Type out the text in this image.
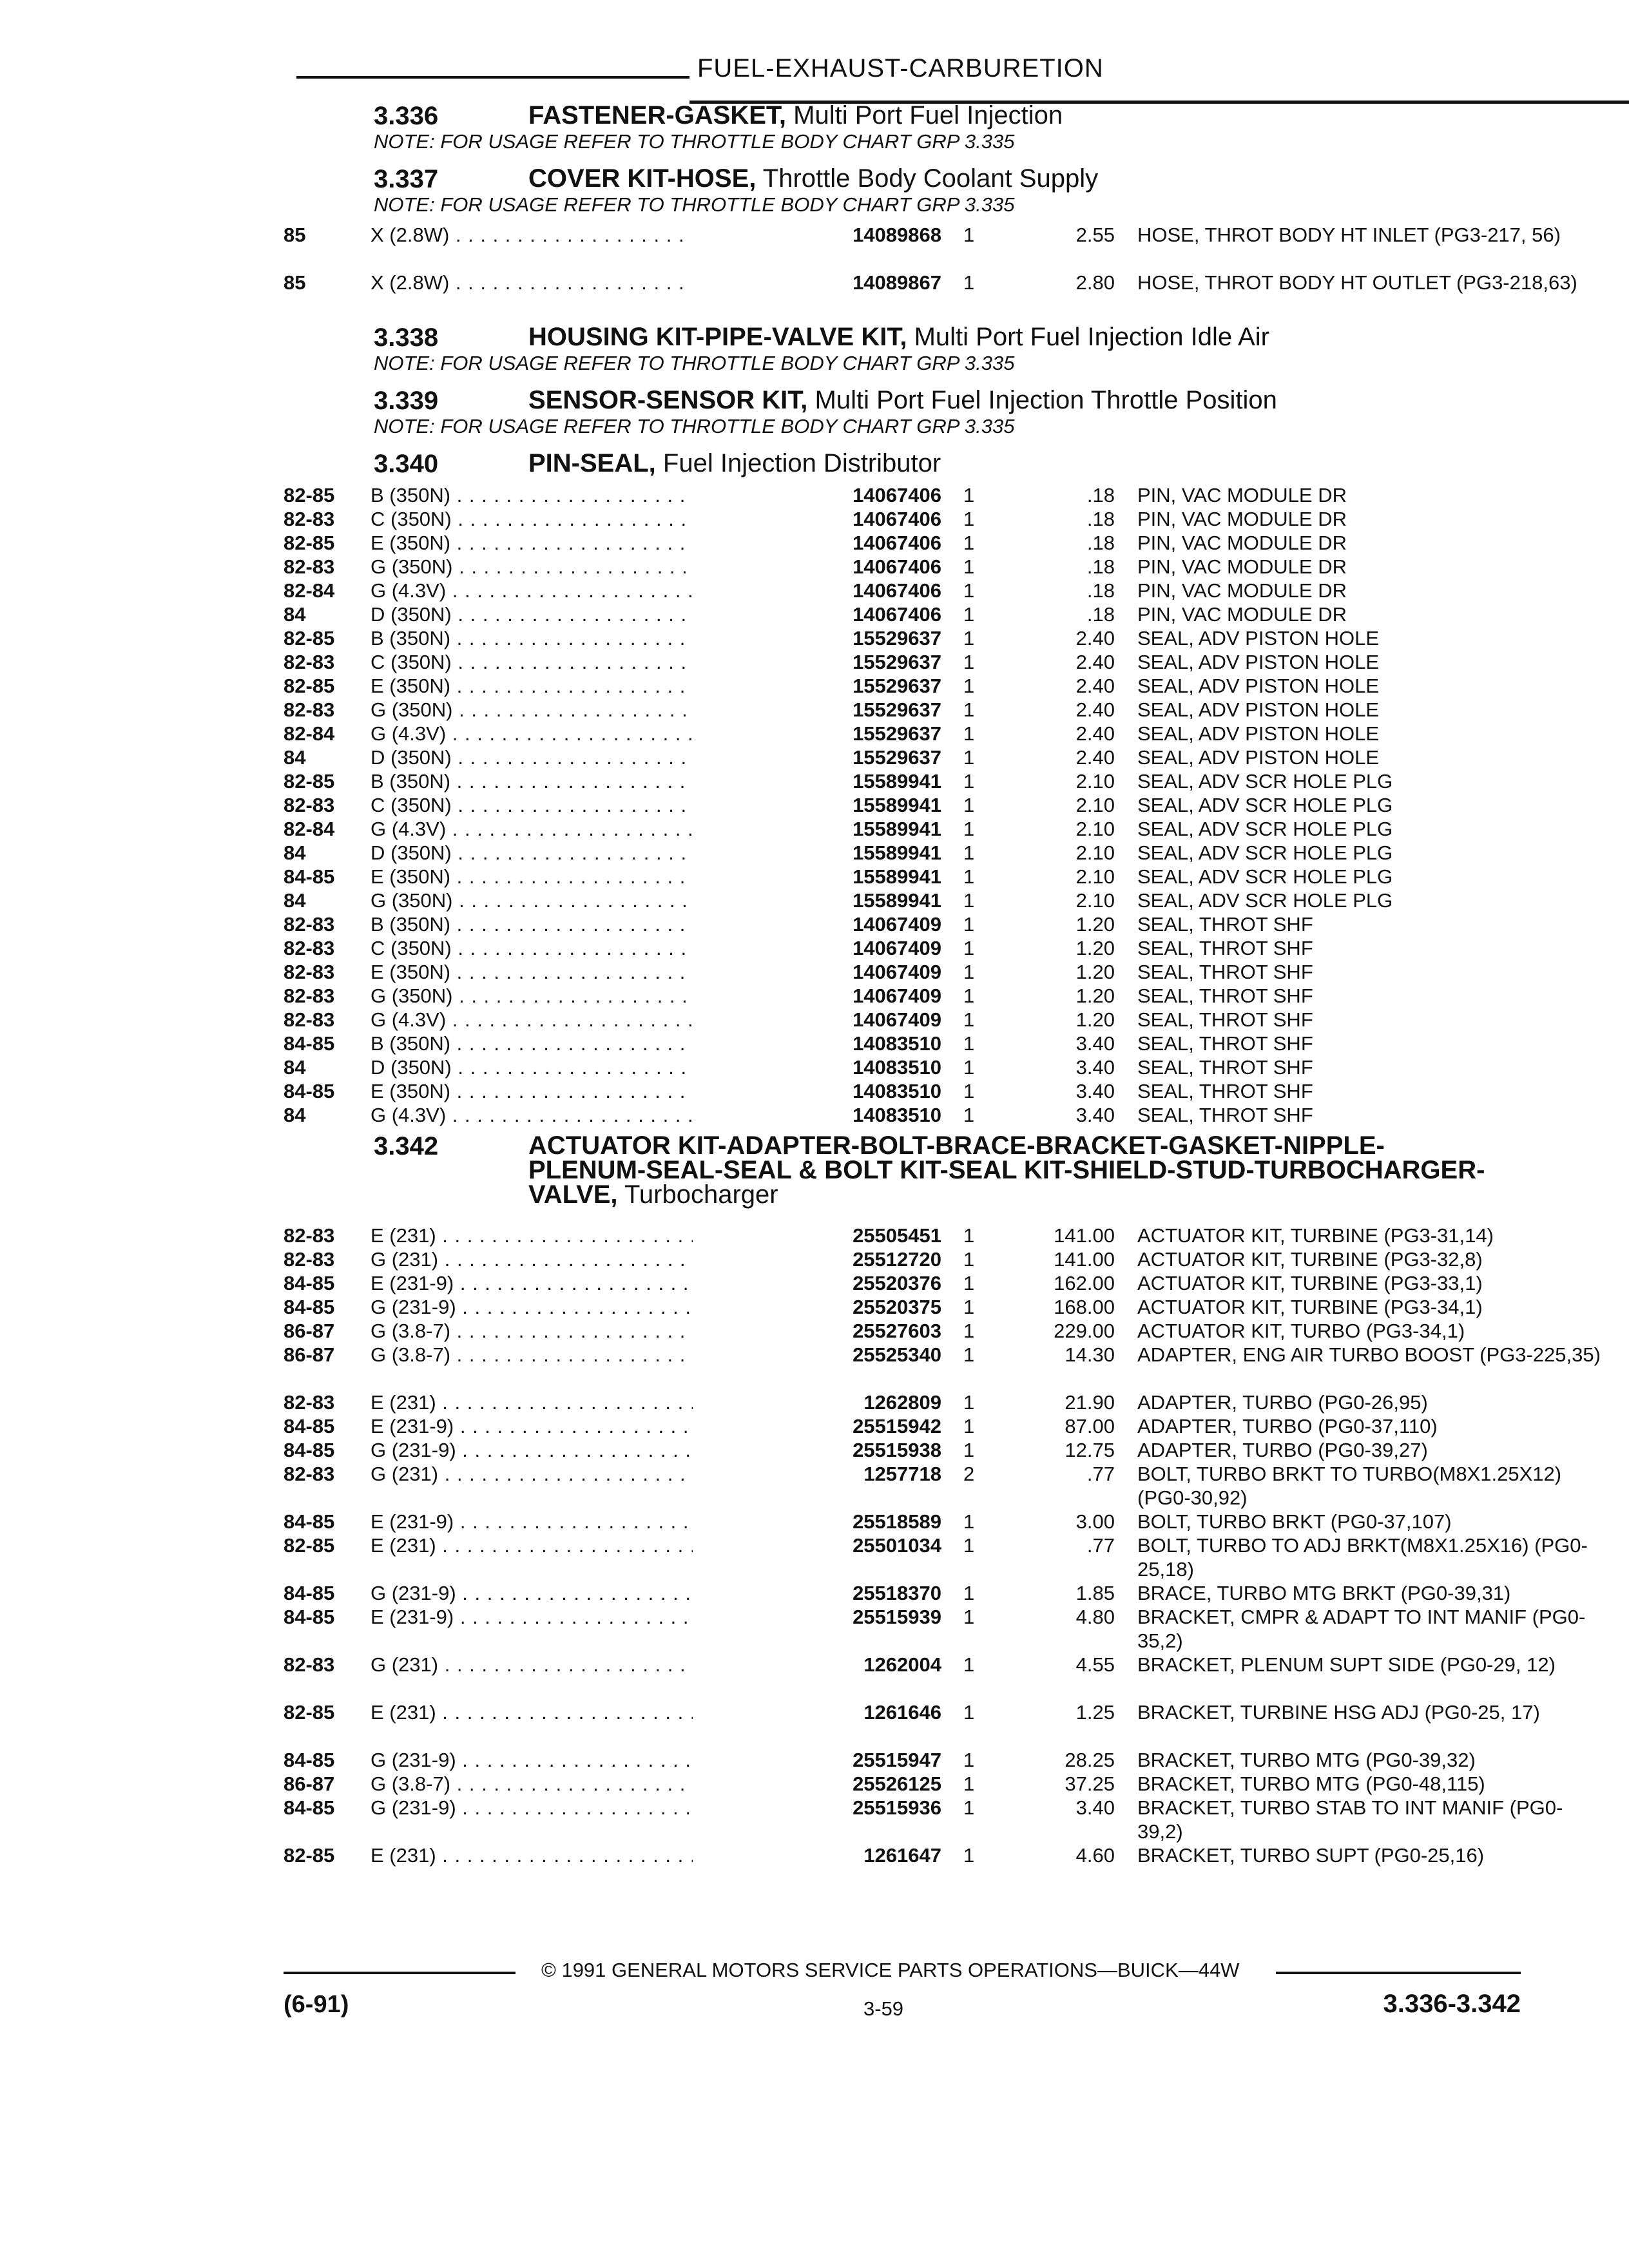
FUEL-EXHAUST-CARBURETION
3.336	FASTENER-GASKET, Multi Port Fuel Injection
NOTE: FOR USAGE REFER TO THROTTLE BODY CHART GRP 3.335
3.337	COVER KIT-HOSE, Throttle Body Coolant Supply
NOTE: FOR USAGE REFER TO THROTTLE BODY CHART GRP 3.335
85	X (2.8W) . . .	14089868 1	2.55 HOSE, THROT BODY HT INLET (PG3-217, 56)
85	X (2.8W) . . .	14089867 1	2.80 HOSE, THROT BODY HT OUTLET (PG3-218,63)
3.338	HOUSING KIT-PIPE-VALVE KIT, Multi Port Fuel Injection Idle Air
NOTE: FOR USAGE REFER TO THROTTLE BODY CHART GRP 3.335
3.339	SENSOR-SENSOR KIT, Multi Port Fuel Injection Throttle Position
NOTE: FOR USAGE REFER TO THROTTLE BODY CHART GRP 3.335
3.340	PIN-SEAL, Fuel Injection Distributor
82-85	B (350N) . . .	14067406 1	.18 PIN, VAC MODULE DR
82-83	C (350N) . . .	14067406 1	.18 PIN, VAC MODULE DR
82-85	E (350N) . . .	14067406 1	.18 PIN, VAC MODULE DR
82-83	G (350N) . . .	14067406 1	.18 PIN, VAC MODULE DR
82-84	G (4.3V) . . .	14067406 1	.18 PIN, VAC MODULE DR
84	D (350N) . . .	14067406 1	.18 PIN, VAC MODULE DR
82-85	B (350N) . . .	15529637 1	2.40 SEAL, ADV PISTON HOLE
82-83	C (350N) . . .	15529637 1	2.40 SEAL, ADV PISTON HOLE
82-85	E (350N) . . .	15529637 1	2.40 SEAL, ADV PISTON HOLE
82-83	G (350N) . . .	15529637 1	2.40 SEAL, ADV PISTON HOLE
82-84	G (4.3V) . . .	15529637 1	2.40 SEAL, ADV PISTON HOLE
84	D (350N) . . .	15529637 1	2.40 SEAL, ADV PISTON HOLE
82-85	B (350N) . . .	15589941 1	2.10 SEAL, ADV SCR HOLE PLG
82-83	C (350N) . . .	15589941 1	2.10 SEAL, ADV SCR HOLE PLG
82-84	G (4.3V) . . .	15589941 1	2.10 SEAL, ADV SCR HOLE PLG
84	D (350N) . . .	15589941 1	2.10 SEAL, ADV SCR HOLE PLG
84-85	E (350N) . . .	15589941 1	2.10 SEAL, ADV SCR HOLE PLG
84	G (350N) . . .	15589941 1	2.10 SEAL, ADV SCR HOLE PLG
82-83	B (350N) . . .	14067409 1	1.20 SEAL, THROT SHF
82-83	C (350N) . . .	14067409 1	1.20 SEAL, THROT SHF
82-83	E (350N) . . .	14067409 1	1.20 SEAL, THROT SHF
82-83	G (350N) . . .	14067409 1	1.20 SEAL, THROT SHF
82-83	G (4.3V) . . .	14067409 1	1.20 SEAL, THROT SHF
84-85	B (350N) . . .	14083510 1	3.40 SEAL, THROT SHF
84	D (350N) . . .	14083510 1	3.40 SEAL, THROT SHF
84-85	E (350N) . . .	14083510 1	3.40 SEAL, THROT SHF
84	G (4.3V) . . .	14083510 1	3.40 SEAL, THROT SHF
3.342	ACTUATOR KIT-ADAPTER-BOLT-BRACE-BRACKET-GASKET-NIPPLE-PLENUM-SEAL-SEAL & BOLT KIT-SEAL KIT-SHIELD-STUD-TURBOCHARGER-VALVE, Turbocharger
82-83	E (231) . . .	25505451 1	141.00 ACTUATOR KIT, TURBINE (PG3-31,14)
82-83	G (231) . . .	25512720 1	141.00 ACTUATOR KIT, TURBINE (PG3-32,8)
84-85	E (231-9) . . .	25520376 1	162.00 ACTUATOR KIT, TURBINE (PG3-33,1)
84-85	G (231-9) . . .	25520375 1	168.00 ACTUATOR KIT, TURBINE (PG3-34,1)
86-87	G (3.8-7) . . .	25527603 1	229.00 ACTUATOR KIT, TURBO (PG3-34,1)
86-87	G (3.8-7) . . .	25525340 1	14.30 ADAPTER, ENG AIR TURBO BOOST (PG3-225,35)
82-83	E (231) . . .	1262809 1	21.90 ADAPTER, TURBO (PG0-26,95)
84-85	E (231-9) . . .	25515942 1	87.00 ADAPTER, TURBO (PG0-37,110)
84-85	G (231-9) . . .	25515938 1	12.75 ADAPTER, TURBO (PG0-39,27)
82-83	G (231) . . .	1257718 2	.77 BOLT, TURBO BRKT TO TURBO(M8X1.25X12) (PG0-30,92)
84-85	E (231-9) . . .	25518589 1	3.00 BOLT, TURBO BRKT (PG0-37,107)
82-85	E (231) . . .	25501034 1	.77 BOLT, TURBO TO ADJ BRKT(M8X1.25X16) (PG0-25,18)
84-85	G (231-9) . . .	25518370 1	1.85 BRACE, TURBO MTG BRKT (PG0-39,31)
84-85	E (231-9) . . .	25515939 1	4.80 BRACKET, CMPR & ADAPT TO INT MANIF (PG0-35,2)
82-83	G (231) . . .	1262004 1	4.55 BRACKET, PLENUM SUPT SIDE (PG0-29, 12)
82-85	E (231) . . .	1261646 1	1.25 BRACKET, TURBINE HSG ADJ (PG0-25, 17)
84-85	G (231-9) . . .	25515947 1	28.25 BRACKET, TURBO MTG (PG0-39,32)
86-87	G (3.8-7) . . .	25526125 1	37.25 BRACKET, TURBO MTG (PG0-48,115)
84-85	G (231-9) . . .	25515936 1	3.40 BRACKET, TURBO STAB TO INT MANIF (PG0-39,2)
82-85	E (231) . . .	1261647 1	4.60 BRACKET, TURBO SUPT (PG0-25,16)
© 1991 GENERAL MOTORS SERVICE PARTS OPERATIONS—BUICK—44W
(6-91)	3-59	3.336-3.342
